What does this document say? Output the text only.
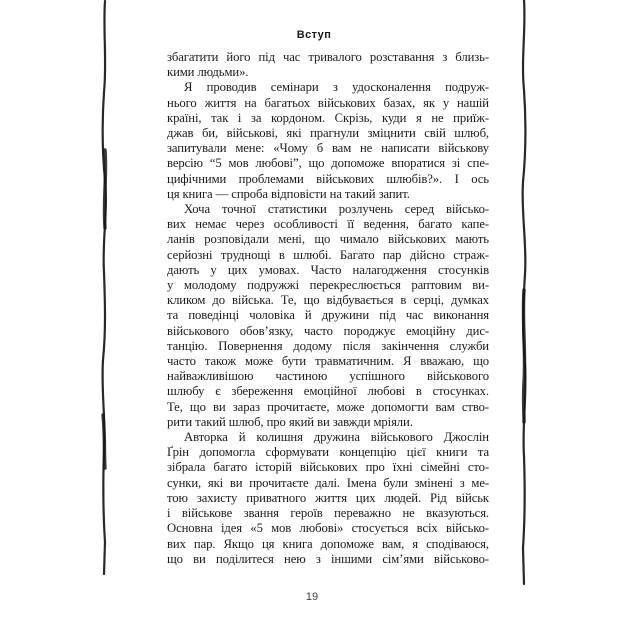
Вступ
збагатити його під час тривалого розставання з близь-
кими людьми».
Я проводив семінари з удосконалення подруж-
нього життя на багатьох військових базах, як у нашій
країні, так і за кордоном. Скрізь, куди я не приїж-
джав би, військові, які прагнули зміцнити свій шлюб,
запитували мене: «Чому б вам не написати військову
версію “5 мов любові”, що допоможе впоратися зі спе-
цифічними проблемами військових шлюбів?». І ось
ця книга — спроба відповісти на такий запит.
Хоча точної статистики розлучень серед військо-
вих немає через особливості її ведення, багато капе-
ланів розповідали мені, що чимало військових мають
серйозні труднощі в шлюбі. Багато пар дійсно страж-
дають у цих умовах. Часто налагодження стосунків
у молодому подружжі перекреслюється раптовим ви-
кликом до війська. Те, що відбувається в серці, думках
та поведінці чоловіка й дружини під час виконання
військового обов’язку, часто породжує емоційну дис-
танцію. Повернення додому після закінчення служби
часто також може бути травматичним. Я вважаю, що
найважливішою частиною успішного військового
шлюбу є збереження емоційної любові в стосунках.
Те, що ви зараз прочитаєте, може допомогти вам ство-
рити такий шлюб, про який ви завжди мріяли.
Авторка й колишня дружина військового Джослін
Ґрін допомогла сформувати концепцію цієї книги та
зібрала багато історій військових про їхні сімейні сто-
сунки, які ви прочитаєте далі. Імена були змінені з ме-
тою захисту приватного життя цих людей. Рід військ
і військове звання героїв переважно не вказуються.
Основна ідея «5 мов любові» стосується всіх військо-
вих пар. Якщо ця книга допоможе вам, я сподіваюся,
що ви поділитеся нею з іншими сім’ями військово-
19
